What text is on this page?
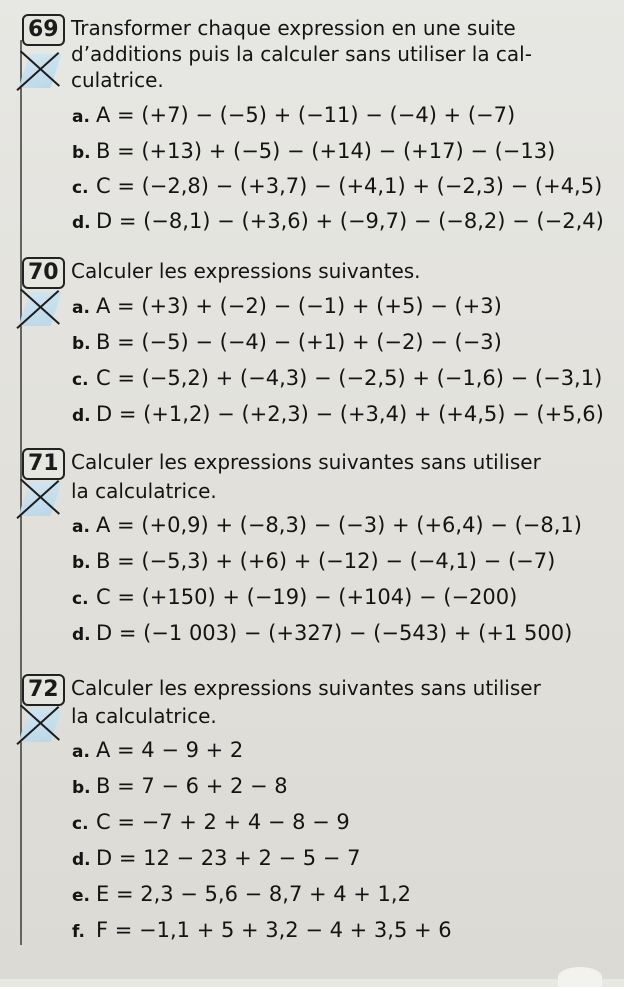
69 Transformer chaque expression en une suite
d’additions puis la calculer sans utiliser la cal-
culatrice.
a. A = (+7) − (−5) + (−11) − (−4) + (−7)
b. B = (+13) + (−5) − (+14) − (+17) − (−13)
c. C = (−2,8) − (+3,7) − (+4,1) + (−2,3) − (+4,5)
d. D = (−8,1) − (+3,6) + (−9,7) − (−8,2) − (−2,4)
70 Calculer les expressions suivantes.
a. A = (+3) + (−2) − (−1) + (+5) − (+3)
b. B = (−5) − (−4) − (+1) + (−2) − (−3)
c. C = (−5,2) + (−4,3) − (−2,5) + (−1,6) − (−3,1)
d. D = (+1,2) − (+2,3) − (+3,4) + (+4,5) − (+5,6)
71 Calculer les expressions suivantes sans utiliser
la calculatrice.
a. A = (+0,9) + (−8,3) − (−3) + (+6,4) − (−8,1)
b. B = (−5,3) + (+6) + (−12) − (−4,1) − (−7)
c. C = (+150) + (−19) − (+104) − (−200)
d. D = (−1 003) − (+327) − (−543) + (+1 500)
72 Calculer les expressions suivantes sans utiliser
la calculatrice.
a. A = 4 − 9 + 2
b. B = 7 − 6 + 2 − 8
c. C = −7 + 2 + 4 − 8 − 9
d. D = 12 − 23 + 2 − 5 − 7
e. E = 2,3 − 5,6 − 8,7 + 4 + 1,2
f. F = −1,1 + 5 + 3,2 − 4 + 3,5 + 6
